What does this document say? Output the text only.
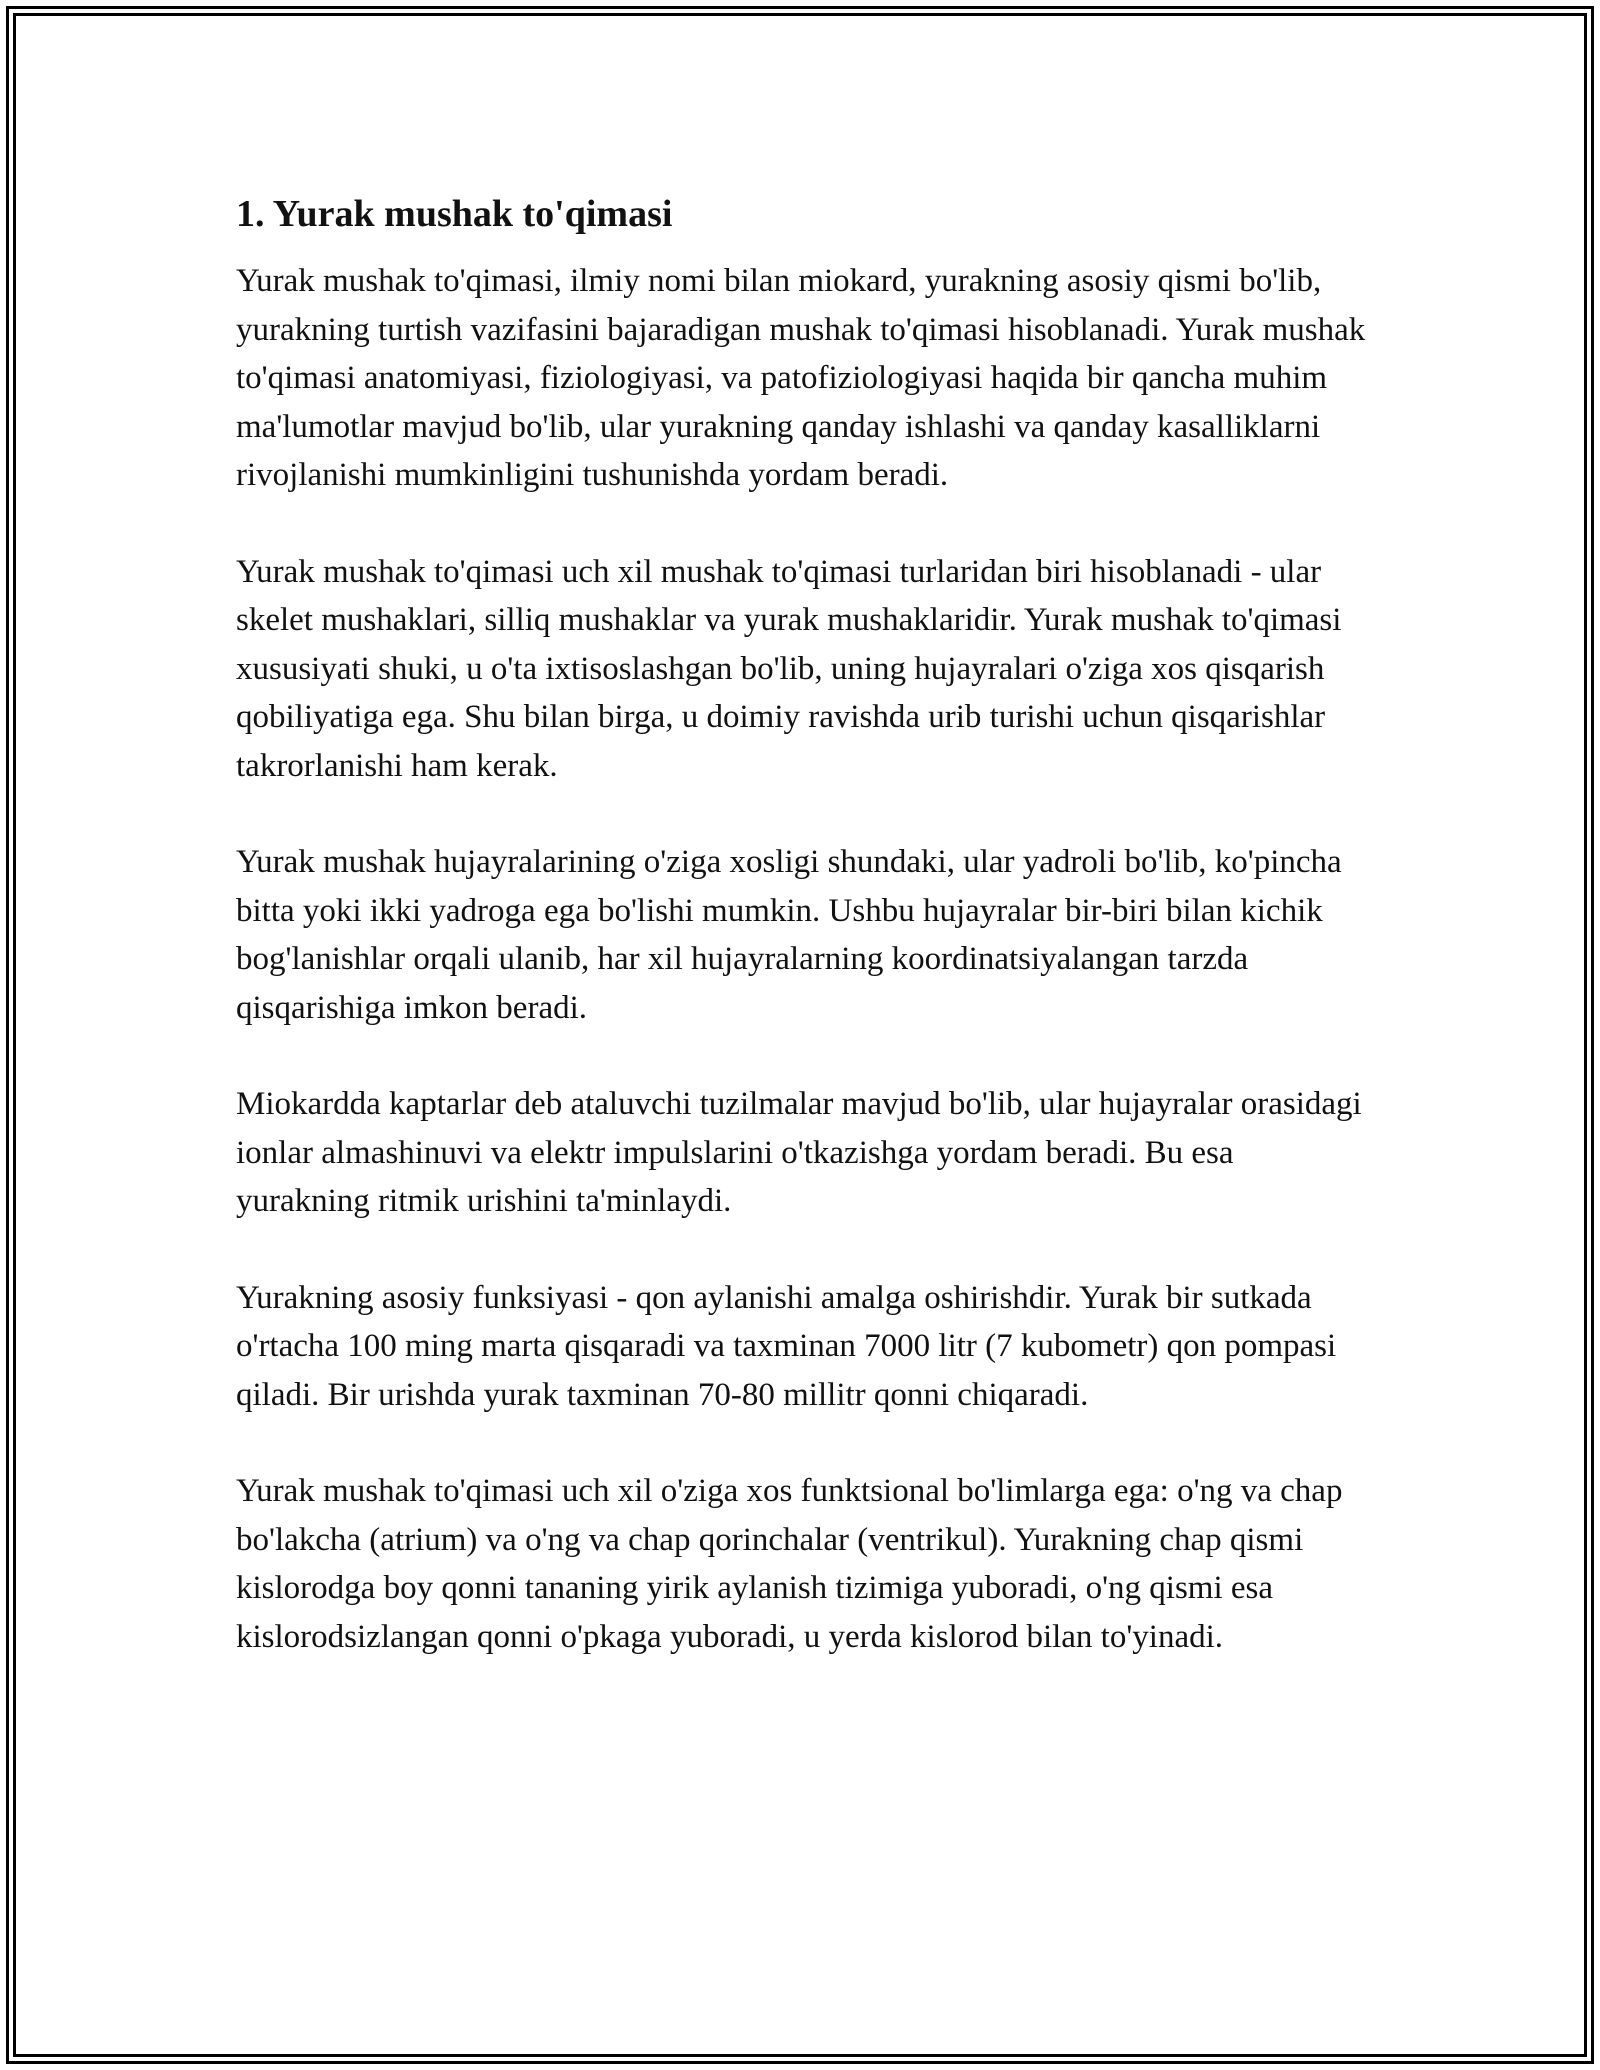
1. Yurak mushak to'qimasi

Yurak mushak to'qimasi, ilmiy nomi bilan miokard, yurakning asosiy qismi bo'lib, yurakning turtish vazifasini bajaradigan mushak to'qimasi hisoblanadi. Yurak mushak to'qimasi anatomiyasi, fiziologiyasi, va patofiziologiyasi haqida bir qancha muhim ma'lumotlar mavjud bo'lib, ular yurakning qanday ishlashi va qanday kasalliklarni rivojlanishi mumkinligini tushunishda yordam beradi.

Yurak mushak to'qimasi uch xil mushak to'qimasi turlaridan biri hisoblanadi - ular skelet mushaklari, silliq mushaklar va yurak mushaklaridir. Yurak mushak to'qimasi xususiyati shuki, u o'ta ixtisoslashgan bo'lib, uning hujayralari o'ziga xos qisqarish qobiliyatiga ega. Shu bilan birga, u doimiy ravishda urib turishi uchun qisqarishlar takrorlanishi ham kerak.

Yurak mushak hujayralarining o'ziga xosligi shundaki, ular yadroli bo'lib, ko'pincha bitta yoki ikki yadroga ega bo'lishi mumkin. Ushbu hujayralar bir-biri bilan kichik bog'lanishlar orqali ulanib, har xil hujayralarning koordinatsiyalangan tarzda qisqarishiga imkon beradi.

Miokardda kaptarlar deb ataluvchi tuzilmalar mavjud bo'lib, ular hujayralar orasidagi ionlar almashinuvi va elektr impulslarini o'tkazishga yordam beradi. Bu esa yurakning ritmik urishini ta'minlaydi.

Yurakning asosiy funksiyasi - qon aylanishi amalga oshirishdir. Yurak bir sutkada o'rtacha 100 ming marta qisqaradi va taxminan 7000 litr (7 kubometr) qon pompasi qiladi. Bir urishda yurak taxminan 70-80 millitr qonni chiqaradi.

Yurak mushak to'qimasi uch xil o'ziga xos funktsional bo'limlarga ega: o'ng va chap bo'lakcha (atrium) va o'ng va chap qorinchalar (ventrikul). Yurakning chap qismi kislorodga boy qonni tananing yirik aylanish tizimiga yuboradi, o'ng qismi esa kislorodsizlangan qonni o'pkaga yuboradi, u yerda kislorod bilan to'yinadi.
